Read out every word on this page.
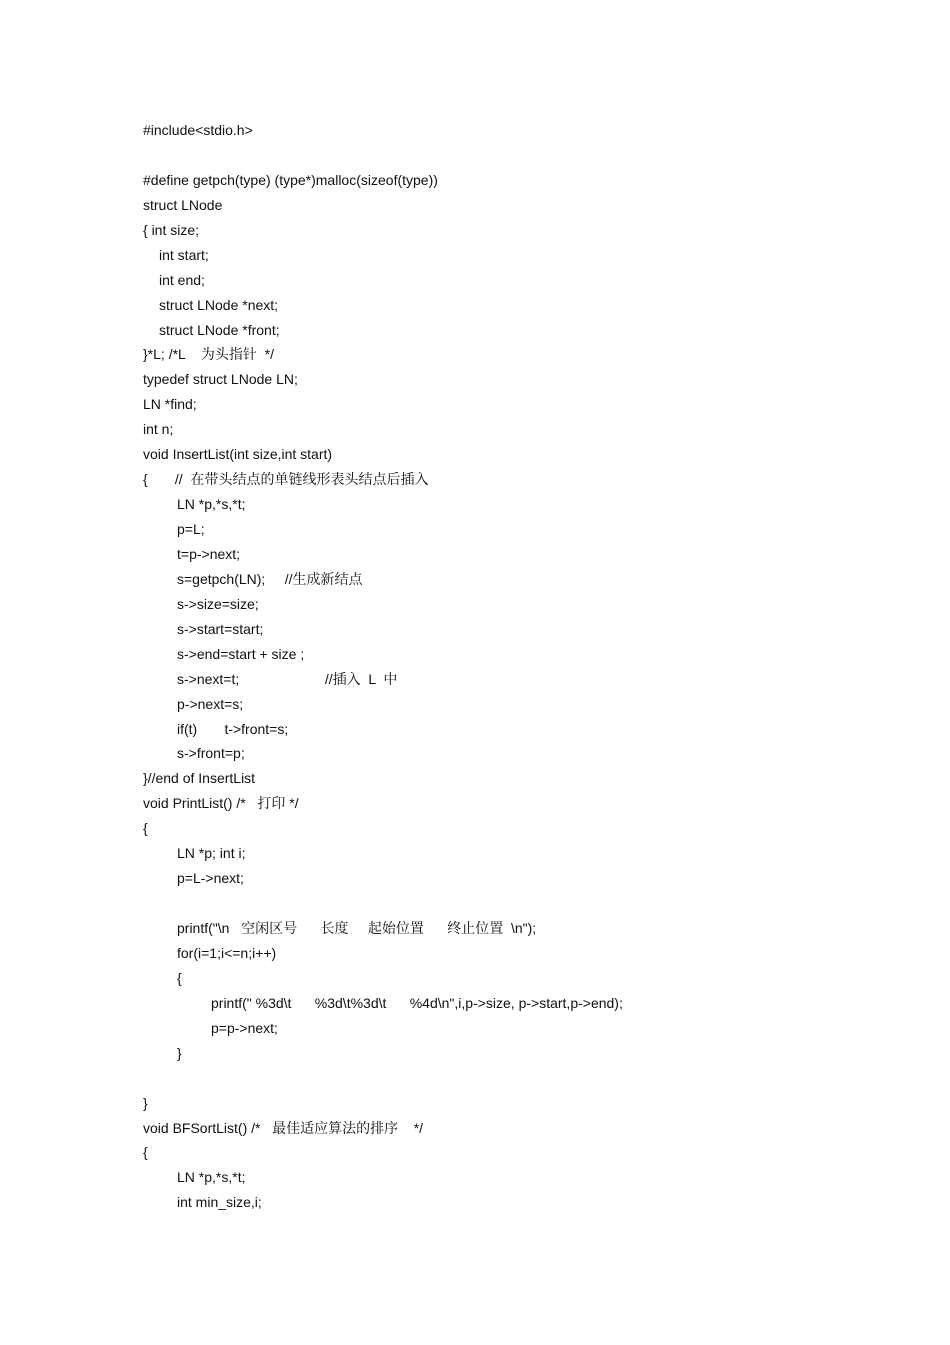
#include<stdio.h>
#define getpch(type) (type*)malloc(sizeof(type))
struct LNode
{ int size;
int start;
int end;
struct LNode *next;
struct LNode *front;
}*L; /*L    为头指针  */
typedef struct LNode LN;
LN *find;
int n;
void InsertList(int size,int start)
{       //  在带头结点的单链线形表头结点后插入
LN *p,*s,*t;
p=L;
t=p->next;
s=getpch(LN);     //生成新结点
s->size=size;
s->start=start;
s->end=start + size ;
s->next=t;                      //插入  L  中
p->next=s;
if(t)       t->front=s;
s->front=p;
}//end of InsertList
void PrintList() /*   打印 */
{
LN *p; int i;
p=L->next;
printf("\n   空闲区号      长度     起始位置      终止位置  \n");
for(i=1;i<=n;i++)
{
printf(" %3d\t      %3d\t%3d\t      %4d\n",i,p->size, p->start,p->end);
p=p->next;
}
}
void BFSortList() /*   最佳适应算法的排序    */
{
LN *p,*s,*t;
int min_size,i;
